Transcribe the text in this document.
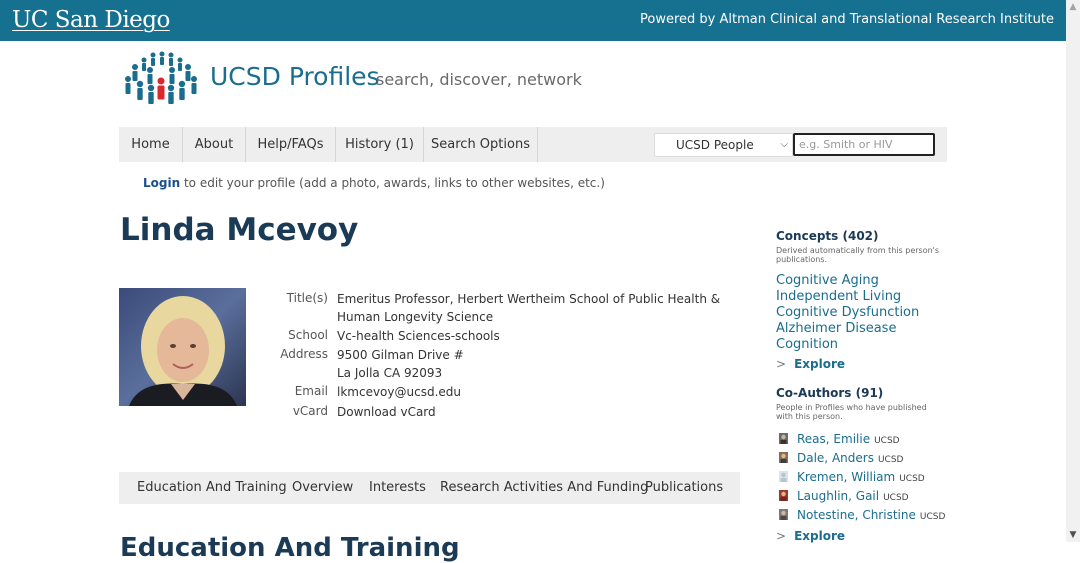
UC San Diego	Powered by Altman Clinical and Translational Research Institute
▲
▼
UCSD Profiles
search, discover, network
Home	About	Help/FAQs	History (1)	Search Options	UCSD People	⌵
e.g. Smith or HIV
Login to edit your profile (add a photo, awards, links to other websites, etc.)
Linda Mcevoy
Title(s) Emeritus Professor, Herbert Wertheim School of Public Health &
Human Longevity Science
School Vc-health Sciences-schools
Address 9500 Gilman Drive #
La Jolla CA 92093
Email lkmcevoy@ucsd.edu
vCard Download vCard
Education And Training Overview Interests Research Activities And Funding
Publications
Education And Training
Concepts (402)
Derived automatically from this person's publications.
Cognitive Aging
Independent Living
Cognitive Dysfunction
Alzheimer Disease
Cognition
> Explore
Co-Authors (91)
People in Profiles who have published with this person.
Reas, Emilie UCSD
Dale, Anders UCSD
Kremen, William UCSD
Laughlin, Gail UCSD
Notestine, Christine UCSD
> Explore
